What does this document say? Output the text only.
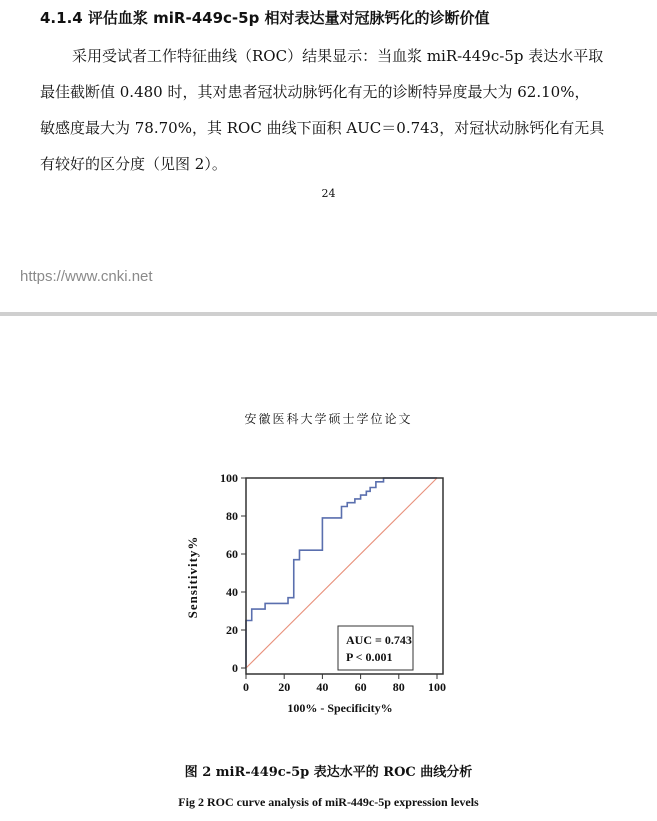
4.1.4 评估血浆 miR-449c-5p 相对表达量对冠脉钙化的诊断价值
采用受试者工作特征曲线（ROC）结果显示：当血浆 miR-449c-5p 表达水平取
最佳截断值 0.480 时，其对患者冠状动脉钙化有无的诊断特异度最大为 62.10%，
敏感度最大为 78.70%，其 ROC 曲线下面积 AUC＝0.743，对冠状动脉钙化有无具
有较好的区分度（见图 2）。
24
https://www.cnki.net
安徽医科大学硕士学位论文
0
20
40
60
80
100
0 20 40 60 80 100
AUC = 0.743
P < 0.001
100% - Specificity%
Sensitivity%
图 2 miR-449c-5p 表达水平的 ROC 曲线分析
Fig 2 ROC curve analysis of miR-449c-5p expression levels
